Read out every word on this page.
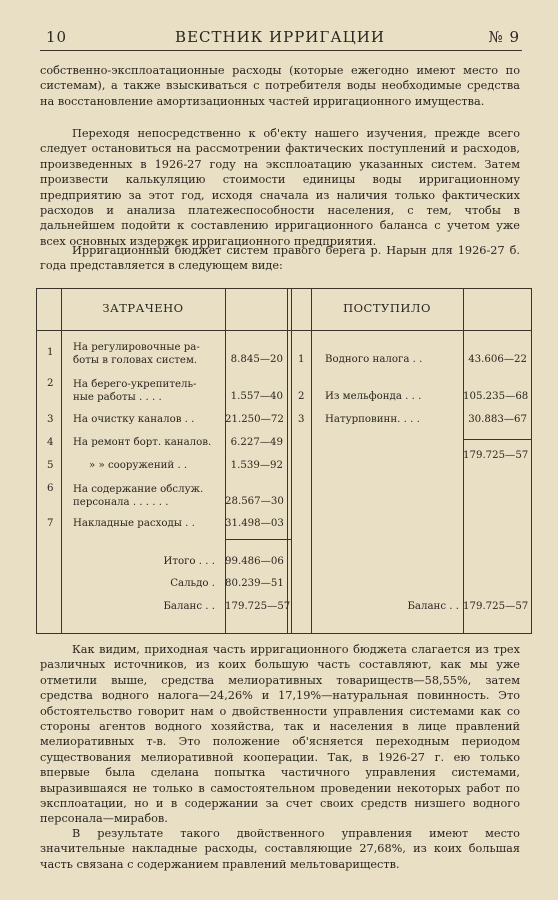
10	ВЕСТНИК ИРРИГАЦИИ	№ 9

собственно-эксплоатационные расходы (которые ежегодно имеют место по системам), а также взыскиваться с потребителя воды необходимые средства на восстановление амортизационных частей ирригационного имущества.

Переходя непосредственно к об'екту нашего изучения, прежде всего следует остановиться на рассмотрении фактических поступлений и расходов, произведенных в 1926-27 году на эксплоатацию указанных систем. Затем произвести калькуляцию стоимости единицы воды ирригационному предприятию за этот год, исходя сначала из наличия только фактических расходов и анализа платежеспособности населения, с тем, чтобы в дальнейшем подойти к составлению ирригационного баланса с учетом уже всех основных издержек ирригационного предприятия.

Ирригационный бюджет систем правого берега р. Нарын для 1926-27 б. года представляется в следующем виде:

ЗАТРАЧЕНО	ПОСТУПИЛО
1 На регулировочные ра-
боты в головах систем.	8.845—20
2 На берего-укрепитель-
ные работы . . . .	1.557—40
3 На очистку каналов . .	21.250—72
4 На ремонт борт. каналов.	6.227—49
5	» » сооружений . .	1.539—92
6 На содержание обслуж.
персонала . . . . . .	28.567—30
7 Накладные расходы . .	31.498—03
Итого . . . 99.486—06
Сальдо . 80.239—51
Баланс . . 179.725—57
1 Водного налога . .	43.606—22
2 Из мельфонда . . .	105.235—68
3 Натурповинн. . . .	30.883—67
179.725—57
Баланс . . 179.725—57

Как видим, приходная часть ирригационного бюджета слагается из трех различных источников, из коих большую часть составляют, как мы уже отметили выше, средства мелиоративных товариществ—58,55%, затем средства водного налога—24,26% и 17,19%—натуральная повинность. Это обстоятельство говорит нам о двойственности управления системами как со стороны агентов водного хозяйства, так и населения в лице правлений мелиоративных т-в. Это положение об'ясняется переходным периодом существования мелиоративной кооперации. Так, в 1926-27 г. ею только впервые была сделана попытка частичного управления системами, выразившаяся не только в самостоятельном проведении некоторых работ по эксплоатации, но и в содержании за счет своих средств низшего водного персонала—мирабов.

В результате такого двойственного управления имеют место значительные накладные расходы, составляющие 27,68%, из коих большая часть связана с содержанием правлений мельтовариществ.
